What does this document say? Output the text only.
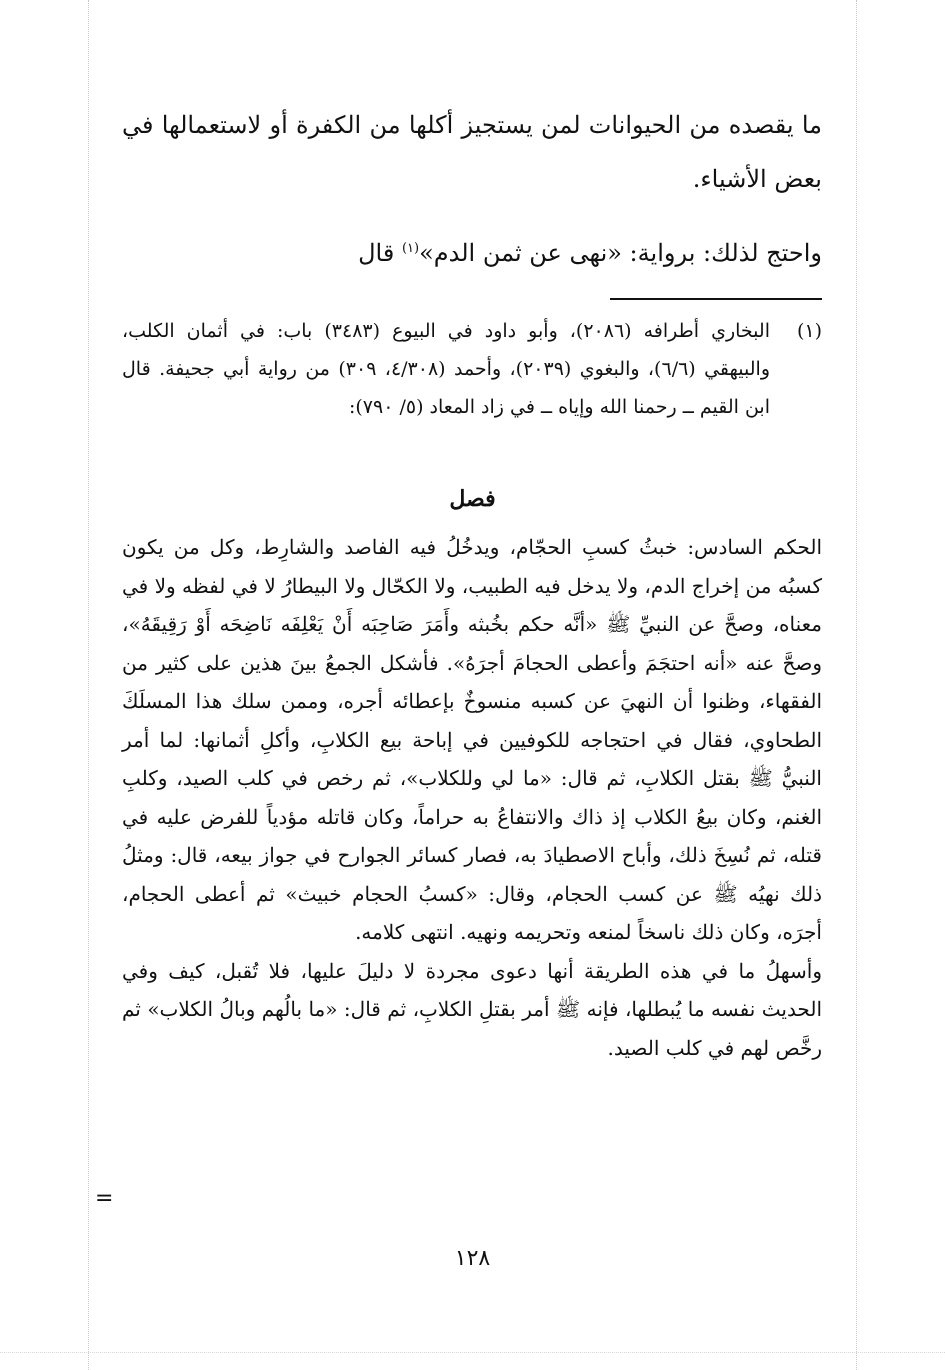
ما يقصده من الحيوانات لمن يستجيز أكلها من الكفرة أو لاستعمالها في بعض الأشياء.

واحتج لذلك: برواية: «نهى عن ثمن الدم»$^{(١)}$ قال

(١)
البخاري أطرافه (٢٠٨٦)، وأبو داود في البيوع (٣٤٨٣) باب: في أثمان الكلب، والبيهقي (٦/٦)، والبغوي (٢٠٣٩)، وأحمد (٤/٣٠٨، ٣٠٩) من رواية أبي جحيفة. قال ابن القيم ــ رحمنا الله وإياه ــ في زاد المعاد (٥/ ٧٩٠):
فصل

الحكم السادس: خبثُ كسبِ الحجّام، ويدخُلُ فيه الفاصد والشارِط، وكل من يكون كسبُه من إخراج الدم، ولا يدخل فيه الطبيب، ولا الكحّال ولا البيطارُ لا في لفظه ولا في معناه، وصحَّ عن النبيِّ ﷺ «أنَّه حكم بخُبثه وأَمَرَ صَاحِبَه أَنْ يَعْلِفَه نَاضِحَه أَوْ رَقِيقَهُ»، وصحَّ عنه «أنه احتجَمَ وأعطى الحجامَ أجرَهُ». فأشكل الجمعُ بينَ هذين على كثير من الفقهاء، وظنوا أن النهيَ عن كسبه منسوخٌ بإعطائه أجره، وممن سلك هذا المسلَكَ الطحاوي، فقال في احتجاجه للكوفيين في إباحة بيع الكلابِ، وأكلِ أثمانها: لما أمر النبيُّ ﷺ بقتل الكلابِ، ثم قال: «ما لي وللكلاب»، ثم رخص في كلب الصيد، وكلبِ الغنم، وكان بيعُ الكلاب إذ ذاك والانتفاعُ به حراماً، وكان قاتله مؤدياً للفرض عليه في قتله، ثم نُسِخَ ذلك، وأباح الاصطيادَ به، فصار كسائر الجوارح في جواز بيعه، قال: ومثلُ ذلك نهيُه ﷺ عن كسب الحجام، وقال: «كسبُ الحجام خبيث» ثم أعطى الحجام، أجرَه، وكان ذلك ناسخاً لمنعه وتحريمه ونهيه. انتهى كلامه.

وأسهلُ ما في هذه الطريقة أنها دعوى مجردة لا دليلَ عليها، فلا تُقبل، كيف وفي الحديث نفسه ما يُبطلها، فإنه ﷺ أمر بقتلِ الكلابِ، ثم قال: «ما بالُهم وبالُ الكلاب» ثم رخَّص لهم في كلب الصيد.

=
١٢٨
